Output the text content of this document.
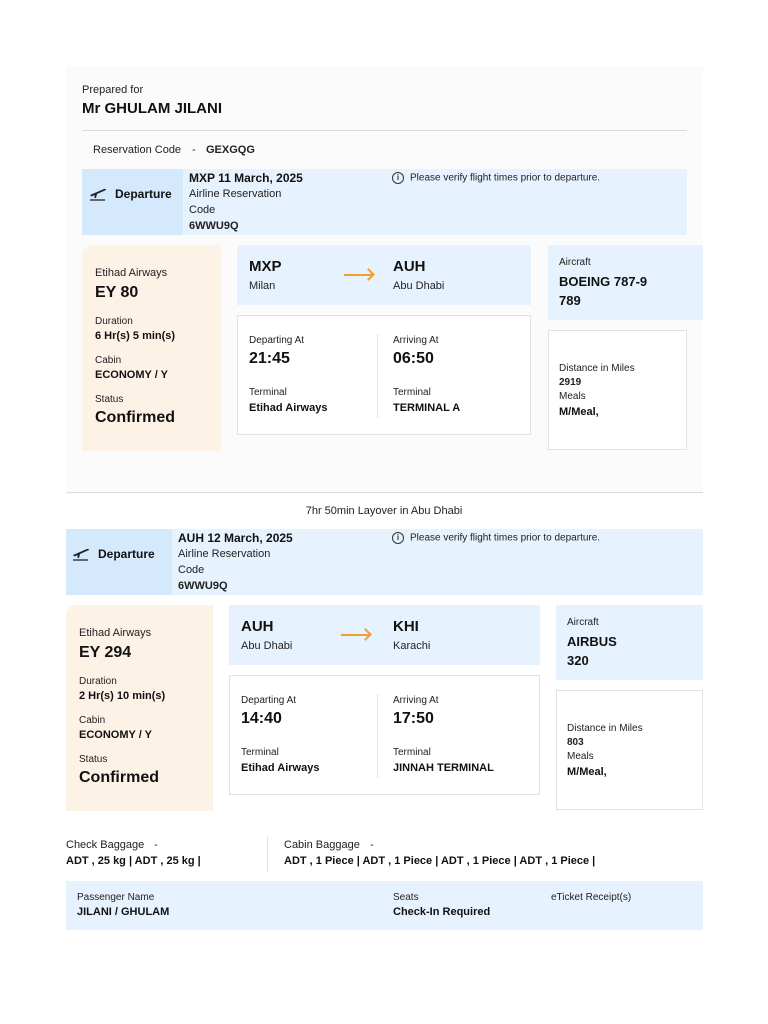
Prepared for
Mr GHULAM JILANI
Reservation Code - GEXGQG
Departure
MXP 11 March, 2025
Airline Reservation
Code
6WWU9Q
i Please verify flight times prior to departure.
Etihad Airways
EY 80
Duration
6 Hr(s) 5 min(s)
Cabin
ECONOMY / Y
Status
Confirmed
MXP
Milan
AUH
Abu Dhabi
Departing At
21:45
Terminal
Etihad Airways
Arriving At
06:50
Terminal
TERMINAL A
Aircraft
BOEING 787-9
789
Distance in Miles
2919
Meals
M/Meal,
7hr 50min Layover in Abu Dhabi
Departure
AUH 12 March, 2025
Airline Reservation
Code
6WWU9Q
i Please verify flight times prior to departure.
Etihad Airways
EY 294
Duration
2 Hr(s) 10 min(s)
Cabin
ECONOMY / Y
Status
Confirmed
AUH
Abu Dhabi
KHI
Karachi
Departing At
14:40
Terminal
Etihad Airways
Arriving At
17:50
Terminal
JINNAH TERMINAL
Aircraft
AIRBUS
320
Distance in Miles
803
Meals
M/Meal,
Check Baggage -
ADT , 25 kg | ADT , 25 kg |
Cabin Baggage -
ADT , 1 Piece | ADT , 1 Piece | ADT , 1 Piece | ADT , 1 Piece |
Passenger Name
JILANI / GHULAM
Seats
Check-In Required
eTicket Receipt(s)
